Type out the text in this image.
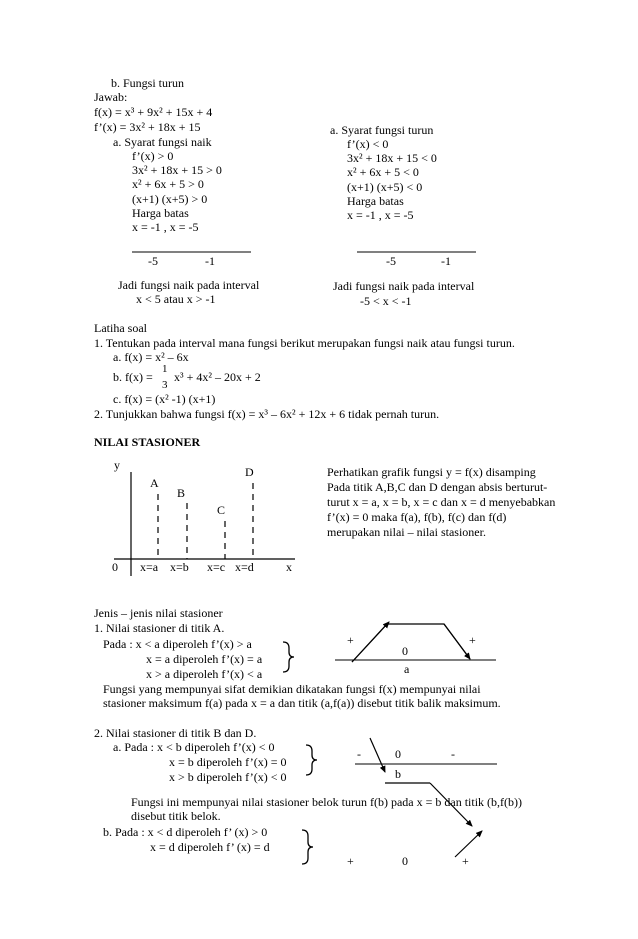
b. Fungsi turun
Jawab:
f(x) = x³ + 9x² + 15x + 4
f’(x) = 3x² + 18x + 15
a. Syarat fungsi naik
f’(x) > 0
3x² + 18x + 15 > 0
x² + 6x + 5 > 0
(x+1) (x+5) > 0
Harga batas
x = -1 , x = -5
-5	-1
Jadi fungsi naik pada interval
x < 5 atau x > -1
a. Syarat fungsi turun
f’(x) < 0
3x² + 18x + 15 < 0
x² + 6x + 5 < 0
(x+1) (x+5) < 0
Harga batas
x = -1 , x = -5
-5	-1
Jadi fungsi naik pada interval
-5 < x < -1
Latiha soal
1. Tentukan pada interval mana fungsi berikut merupakan fungsi naik atau fungsi turun.
a. f(x) = x² – 6x
b. f(x) =
1
3
x³ + 4x² – 20x + 2
c. f(x) = (x² -1) (x+1)
2. Tunjukkan bahwa fungsi f(x) = x³ – 6x² + 12x + 6 tidak pernah turun.
NILAI STASIONER
y
A
B
C
D
0 x=a x=b x=c x=d	x
Perhatikan grafik fungsi y = f(x) disamping
Pada titik A,B,C dan D dengan absis berturut-
turut x = a, x = b, x = c dan x = d menyebabkan
f’(x) = 0 maka f(a), f(b), f(c) dan f(d)
merupakan nilai – nilai stasioner.
Jenis – jenis nilai stasioner
1. Nilai stasioner di titik A.
Pada : x < a diperoleh f’(x) > a
x = a diperoleh f’(x) = a
x > a diperoleh f’(x) < a
+
0
+
a
Fungsi yang mempunyai sifat demikian dikatakan fungsi f(x) mempunyai nilai
stasioner maksimum f(a) pada x = a dan titik (a,f(a)) disebut titik balik maksimum.
2. Nilai stasioner di titik B dan D.
a. Pada : x < b diperoleh f’(x) < 0
x = b diperoleh f’(x) = 0
x > b diperoleh f’(x) < 0
-	0	-
b
Fungsi ini mempunyai nilai stasioner belok turun f(b) pada x = b dan titik (b,f(b))
disebut titik belok.
b. Pada : x < d diperoleh f’ (x) > 0
x = d diperoleh f’ (x) = d
+	0	+
